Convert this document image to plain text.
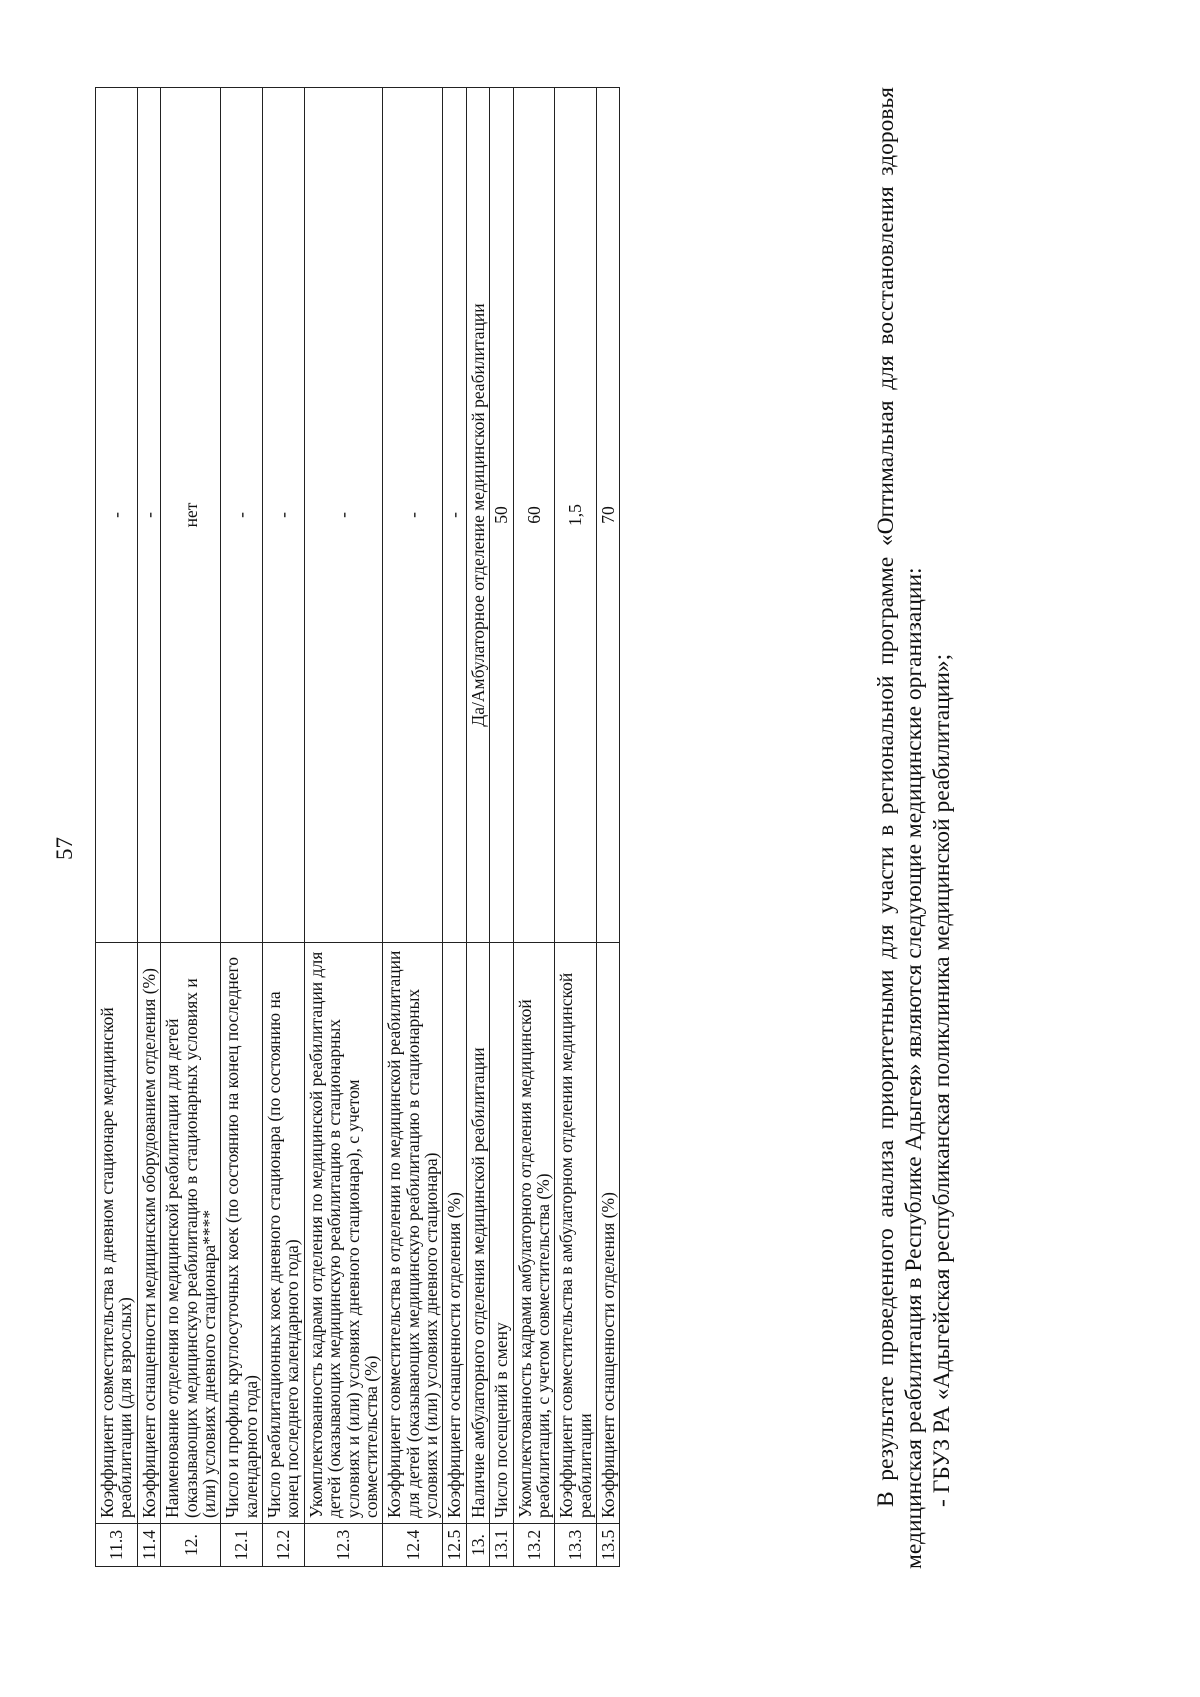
57
11.3	Коэффициент совместительства в дневном стационаре медицинской реабилитации (для взрослых)	-
11.4	Коэффициент оснащенности медицинским оборудованием отделения (%)	-
12.	Наименование отделения по медицинской реабилитации для детей (оказывающих медицинскую реабилитацию в стационарных условиях и (или) условиях дневного стационара****	нет
12.1	Число и профиль круглосуточных коек (по состоянию на конец последнего календарного года)	-
12.2	Число реабилитационных коек дневного стационара (по состоянию на конец последнего календарного года)	-
12.3	Укомплектованность кадрами отделения по медицинской реабилитации для детей (оказывающих медицинскую реабилитацию в стационарных условиях и (или) условиях дневного стационара), с учетом совместительства (%)	-
12.4	Коэффициент совместительства в отделении по медицинской реабилитации для детей (оказывающих медицинскую реабилитацию в стационарных условиях и (или) условиях дневного стационара)	-
12.5	Коэффициент оснащенности отделения (%)	-
13.	Наличие амбулаторного отделения медицинской реабилитации	Да/Амбулаторное отделение медицинской реабилитации
13.1	Число посещений в смену	50
13.2	Укомплектованность кадрами амбулаторного отделения медицинской реабилитации, с учетом совместительства (%)	60
13.3	Коэффициент совместительства в амбулаторном отделении медицинской реабилитации	1,5
13.5	Коэффициент оснащенности отделения (%)	70	В результате проведенного анализа приоритетными для участи в региональной программе «Оптимальная для восстановления здоровья медицинская реабилитация в Республике Адыгея» являются следующие медицинские организации: - ГБУЗ РА «Адыгейская республиканская поликлиника медицинской реабилитации»;
